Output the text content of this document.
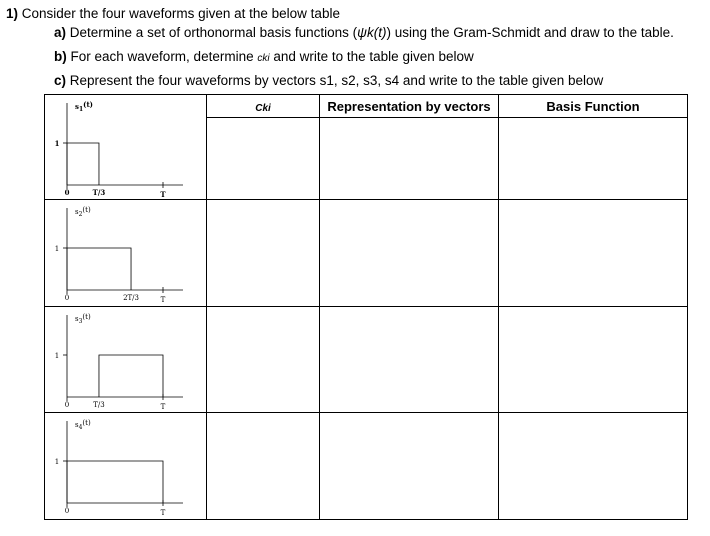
1) Consider the four waveforms given at the below table
a) Determine a set of orthonormal basis functions (ψk(t)) using the Gram-Schmidt and draw to the table.
b) For each waveform, determine cki and write to the table given below
c) Represent the four waveforms by vectors s1, s2, s3, s4 and write to the table given below
s1(t)
1
0 T/3 T	Cki	Representation by vectors	Basis Function

s2(t)
1
0 2T/3 T			

s3(t)
1
0 T/3 T			

s4(t)
1
0 T			
